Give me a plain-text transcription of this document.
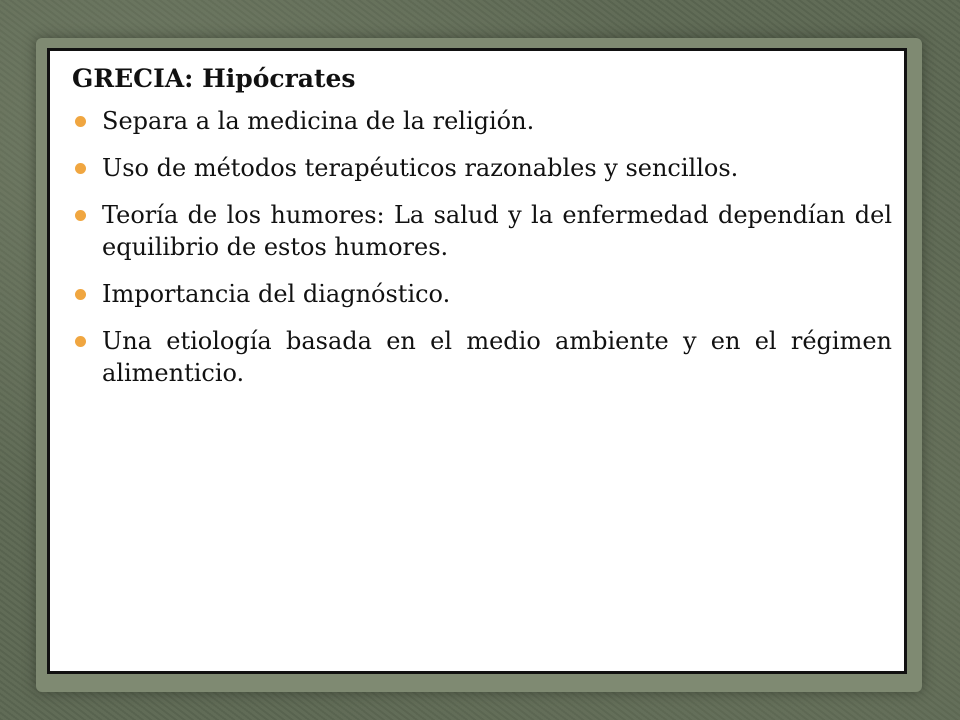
GRECIA: Hipócrates
Separa a la medicina de la religión.
Uso de métodos terapéuticos razonables y sencillos.
Teoría de los humores: La salud y la enfermedad dependían del equilibrio de estos humores.
Importancia del diagnóstico.
Una etiología basada en el medio ambiente y en el régimen alimenticio.
